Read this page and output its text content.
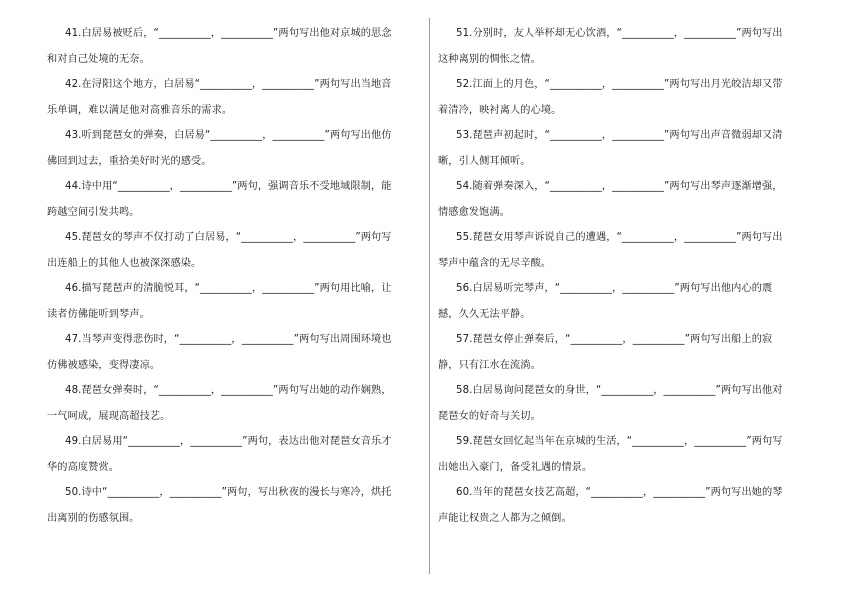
41.白居易被贬后，“__________，__________”两句写出他对京城的思念和对自己处境的无奈。

42.在浔阳这个地方，白居易“__________，__________”两句写出当地音乐单调，难以满足他对高雅音乐的需求。

43.听到琵琶女的弹奏，白居易“__________，__________”两句写出他仿佛回到过去，重拾美好时光的感受。

44.诗中用“__________，__________”两句，强调音乐不受地域限制，能跨越空间引发共鸣。

45.琵琶女的琴声不仅打动了白居易，“__________，__________”两句写出连船上的其他人也被深深感染。

46.描写琵琶声的清脆悦耳，“__________，__________”两句用比喻，让读者仿佛能听到琴声。

47.当琴声变得悲伤时，“__________，__________”两句写出周围环境也仿佛被感染，变得凄凉。

48.琵琶女弹奏时，“__________，__________”两句写出她的动作娴熟，一气呵成，展现高超技艺。

49.白居易用“__________，__________”两句，表达出他对琵琶女音乐才华的高度赞赏。

50.诗中“__________，__________”两句，写出秋夜的漫长与寒冷，烘托出离别的伤感氛围。

51.分别时，友人举杯却无心饮酒，“__________，__________”两句写出这种离别的惆怅之情。

52.江面上的月色，“__________，__________”两句写出月光皎洁却又带着清冷，映衬离人的心境。

53.琵琶声初起时，“__________，__________”两句写出声音微弱却又清晰，引人侧耳倾听。

54.随着弹奏深入，“__________，__________”两句写出琴声逐渐增强，情感愈发饱满。

55.琵琶女用琴声诉说自己的遭遇，“__________，__________”两句写出琴声中蕴含的无尽辛酸。

56.白居易听完琴声，“__________，__________”两句写出他内心的震撼，久久无法平静。

57.琵琶女停止弹奏后，“__________，__________”两句写出船上的寂静，只有江水在流淌。

58.白居易询问琵琶女的身世，“__________，__________”两句写出他对琵琶女的好奇与关切。

59.琵琶女回忆起当年在京城的生活，“__________，__________”两句写出她出入豪门，备受礼遇的情景。

60.当年的琵琶女技艺高超，“__________，__________”两句写出她的琴声能让权贵之人都为之倾倒。
